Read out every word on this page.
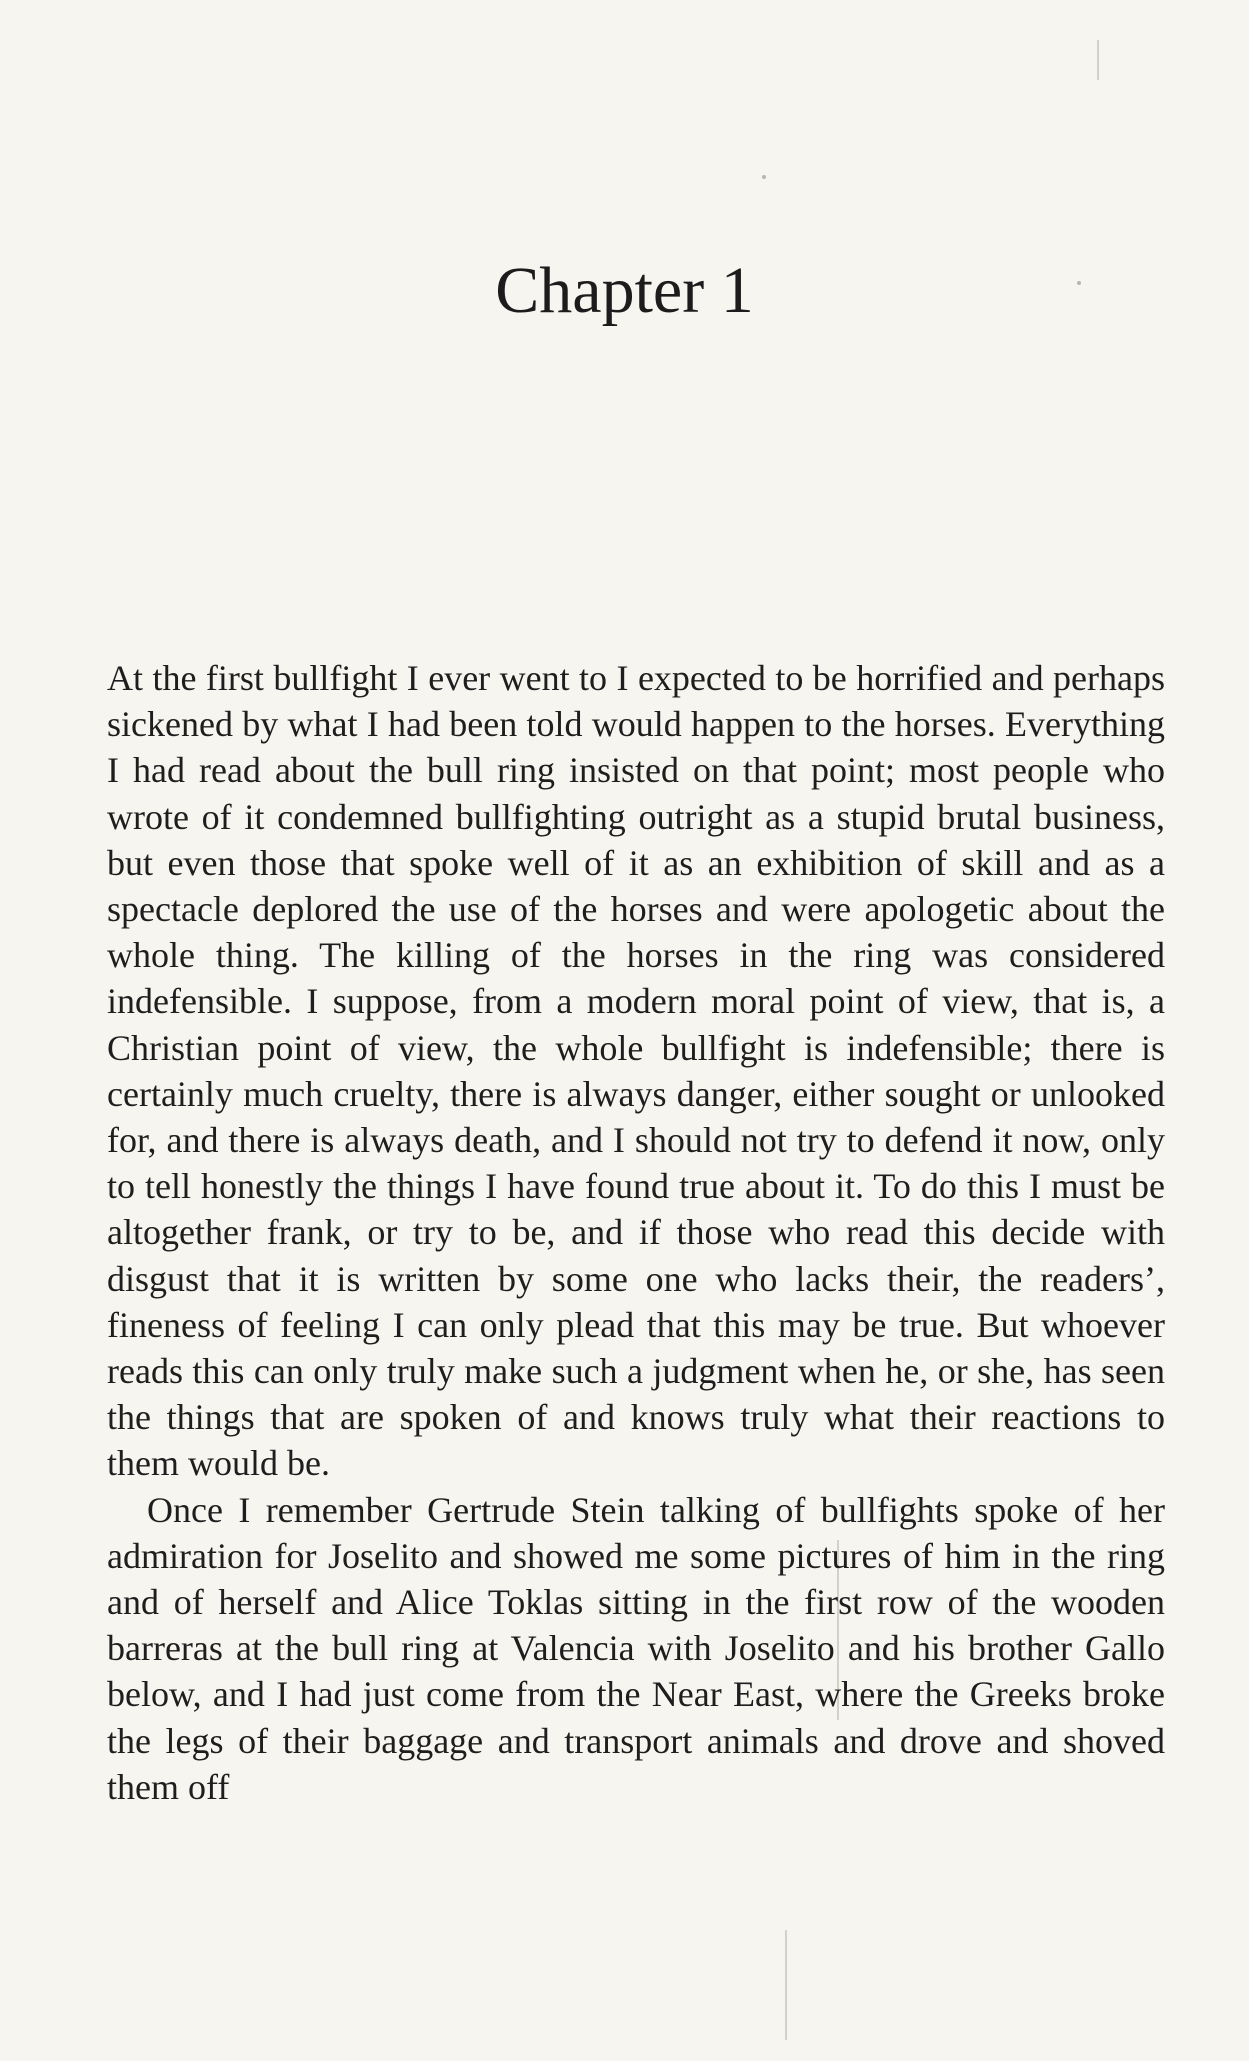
Chapter 1

At the first bullfight I ever went to I expected to be horrified and perhaps sickened by what I had been told would happen to the horses. Everything I had read about the bull ring insisted on that point; most people who wrote of it condemned bullfighting outright as a stupid brutal business, but even those that spoke well of it as an exhibition of skill and as a spectacle deplored the use of the horses and were apologetic about the whole thing. The killing of the horses in the ring was considered indefensible. I suppose, from a modern moral point of view, that is, a Christian point of view, the whole bullfight is indefensible; there is certainly much cruelty, there is always danger, either sought or unlooked for, and there is always death, and I should not try to defend it now, only to tell honestly the things I have found true about it. To do this I must be altogether frank, or try to be, and if those who read this decide with disgust that it is written by some one who lacks their, the readers’, fineness of feeling I can only plead that this may be true. But whoever reads this can only truly make such a judgment when he, or she, has seen the things that are spoken of and knows truly what their reactions to them would be.

Once I remember Gertrude Stein talking of bullfights spoke of her admiration for Joselito and showed me some pictures of him in the ring and of herself and Alice Toklas sitting in the first row of the wooden barreras at the bull ring at Valencia with Joselito and his brother Gallo below, and I had just come from the Near East, where the Greeks broke the legs of their baggage and transport animals and drove and shoved them off
